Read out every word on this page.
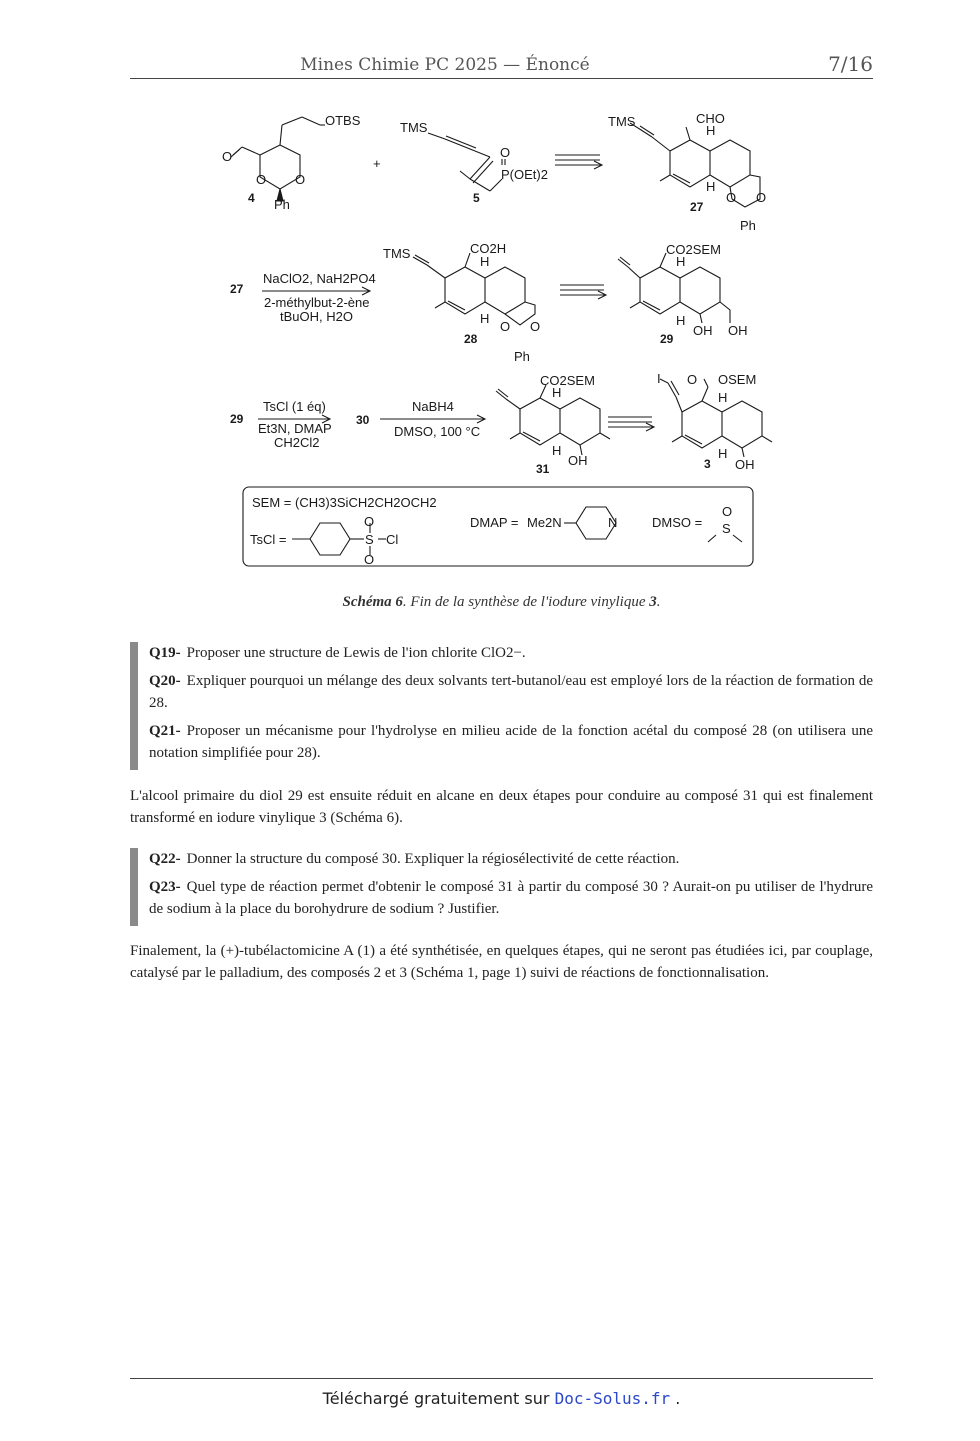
Mines Chimie PC 2025 — Énoncé	7/16
OTBS
O
O O
Ph
4
+
TMS
O
P(OEt)2
5
TMS	CHO
H
H
O O
Ph
27
27
NaClO2, NaH2PO4
2-méthylbut-2-ène
tBuOH, H2O
TMS	CO2H
H
H
O O
Ph
28
CO2SEM
H
H
OH OH
29
29
TsCl (1 éq)
Et3N, DMAP
CH2Cl2
30
NaBH4
DMSO, 100 °C
CO2SEM
H
H
OH
31
I O OSEM
H
H
OH
3
SEM = (CH3)3SiCH2CH2OCH2
TsCl =
O
S
O
Cl
DMAP = Me2N	N	DMSO =
O
S
Schéma 6. Fin de la synthèse de l'iodure vinylique 3.

Q19- Proposer une structure de Lewis de l'ion chlorite ClO2−.

Q20- Expliquer pourquoi un mélange des deux solvants tert-butanol/eau est employé lors de la réaction de formation de 28.

Q21- Proposer un mécanisme pour l'hydrolyse en milieu acide de la fonction acétal du composé 28 (on utilisera une notation simplifiée pour 28).

L'alcool primaire du diol 29 est ensuite réduit en alcane en deux étapes pour conduire au composé 31 qui est finalement transformé en iodure vinylique 3 (Schéma 6).

Q22- Donner la structure du composé 30. Expliquer la régiosélectivité de cette réaction.

Q23- Quel type de réaction permet d'obtenir le composé 31 à partir du composé 30 ? Aurait-on pu utiliser de l'hydrure de sodium à la place du borohydrure de sodium ? Justifier.

Finalement, la (+)-tubélactomicine A (1) a été synthétisée, en quelques étapes, qui ne seront pas étudiées ici, par couplage, catalysé par le palladium, des composés 2 et 3 (Schéma 1, page 1) suivi de réactions de fonctionnalisation.

Téléchargé gratuitement sur Doc-Solus.fr .
